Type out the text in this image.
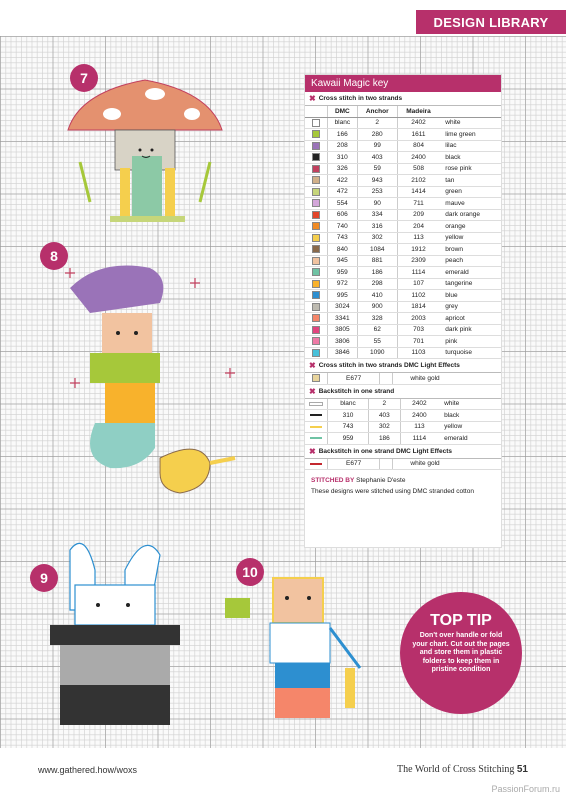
DESIGN LIBRARY
7
8
9	10
Kawaii Magic key
✖ Cross stitch in two strands
	DMC	Anchor	Madeira	
	blanc	2	2402	white
	166	280	1611	lime green
	208	99	804	lilac
	310	403	2400	black
	326	59	508	rose pink
	422	943	2102	tan
	472	253	1414	green
	554	90	711	mauve
	606	334	209	dark orange
	740	316	204	orange
	743	302	113	yellow
	840	1084	1912	brown
	945	881	2309	peach
	959	186	1114	emerald
	972	298	107	tangerine
	995	410	1102	blue
	3024	900	1814	grey
	3341	328	2003	apricot
	3805	62	703	dark pink
	3806	55	701	pink
	3846	1090	1103	turquoise
✖ Cross stitch in two strands DMC Light Effects
	E677			white gold
✖ Backstitch in one strand
	blanc	2	2402	white
	310	403	2400	black
	743	302	113	yellow
	959	186	1114	emerald
✖ Backstitch in one strand DMC Light Effects
	E677			white gold
STITCHED BY Stephanie D'este
These designs were stitched using DMC stranded cotton
TOP TIP
Don't over handle or fold your chart. Cut out the pages and store them in plastic folders to keep them in pristine condition
www.gathered.how/woxs	The World of Cross Stitching 51
PassionForum.ru
